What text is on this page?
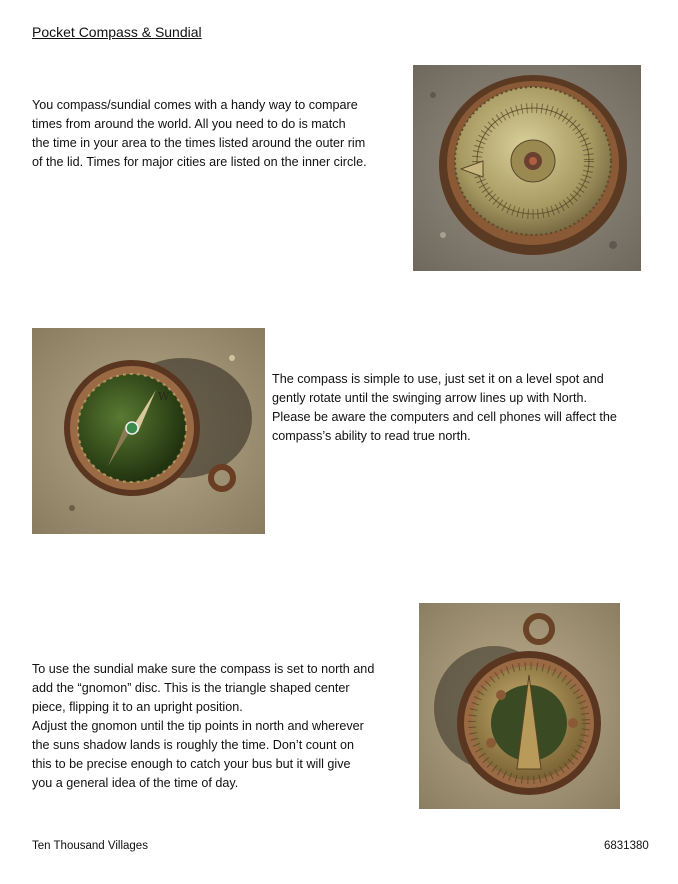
Pocket Compass & Sundial
You compass/sundial comes with a handy way to compare
times from around the world. All you need to do is match
the time in your area to the times listed around the outer rim
of the lid. Times for major cities are listed on the inner circle.
W
The compass is simple to use, just set it on a level spot and
gently rotate until the swinging arrow lines up with North.
Please be aware the computers and cell phones will affect the
compass’s ability to read true north.
To use the sundial make sure the compass is set to north and
add the “gnomon” disc. This is the triangle shaped center
piece, flipping it to an upright position.
Adjust the gnomon until the tip points in north and wherever
the suns shadow lands is roughly the time. Don’t count on
this to be precise enough to catch your bus but it will give
you a general idea of the time of day.
Ten Thousand Villages	6831380
